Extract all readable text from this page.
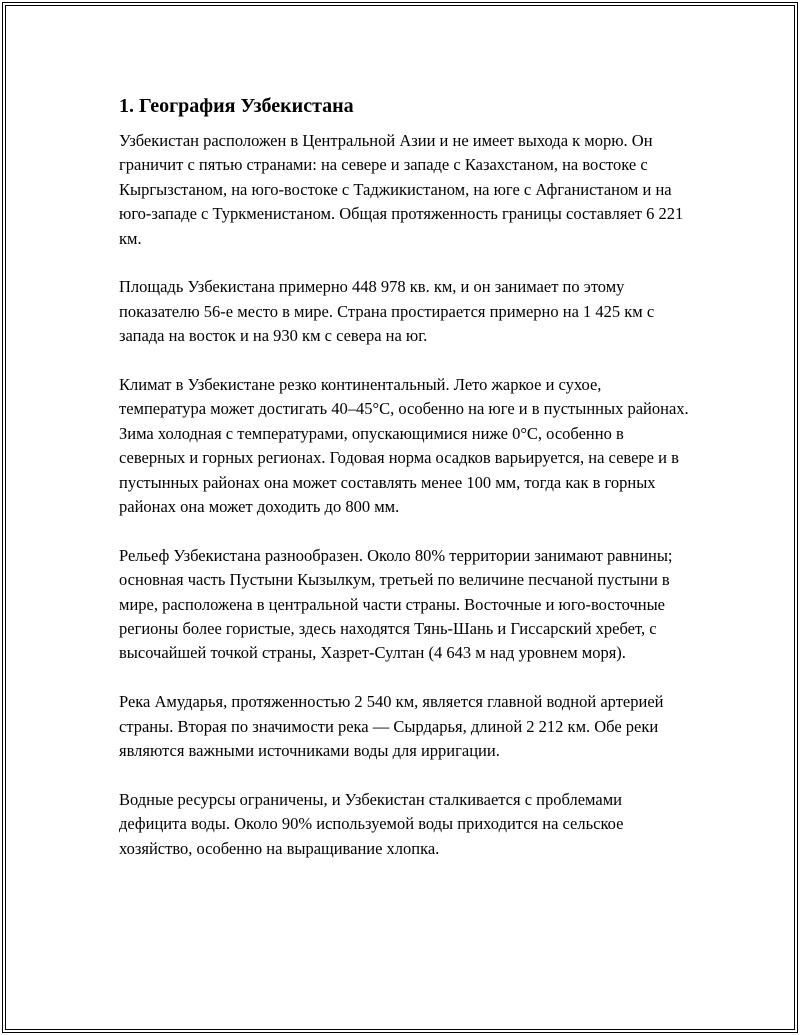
1. География Узбекистана

Узбекистан расположен в Центральной Азии и не имеет выхода к морю. Он граничит с пятью странами: на севере и западе с Казахстаном, на востоке с Кыргызстаном, на юго-востоке с Таджикистаном, на юге с Афганистаном и на юго-западе с Туркменистаном. Общая протяженность границы составляет 6 221 км.

Площадь Узбекистана примерно 448 978 кв. км, и он занимает по этому показателю 56-е место в мире. Страна простирается примерно на 1 425 км с запада на восток и на 930 км с севера на юг.

Климат в Узбекистане резко континентальный. Лето жаркое и сухое, температура может достигать 40–45°C, особенно на юге и в пустынных районах. Зима холодная с температурами, опускающимися ниже 0°C, особенно в северных и горных регионах. Годовая норма осадков варьируется, на севере и в пустынных районах она может составлять менее 100 мм, тогда как в горных районах она может доходить до 800 мм.

Рельеф Узбекистана разнообразен. Около 80% территории занимают равнины; основная часть Пустыни Кызылкум, третьей по величине песчаной пустыни в мире, расположена в центральной части страны. Восточные и юго-восточные регионы более гористые, здесь находятся Тянь-Шань и Гиссарский хребет, с высочайшей точкой страны, Хазрет-Султан (4 643 м над уровнем моря).

Река Амударья, протяженностью 2 540 км, является главной водной артерией страны. Вторая по значимости река — Сырдарья, длиной 2 212 км. Обе реки являются важными источниками воды для ирригации.

Водные ресурсы ограничены, и Узбекистан сталкивается с проблемами дефицита воды. Около 90% используемой воды приходится на сельское хозяйство, особенно на выращивание хлопка.
